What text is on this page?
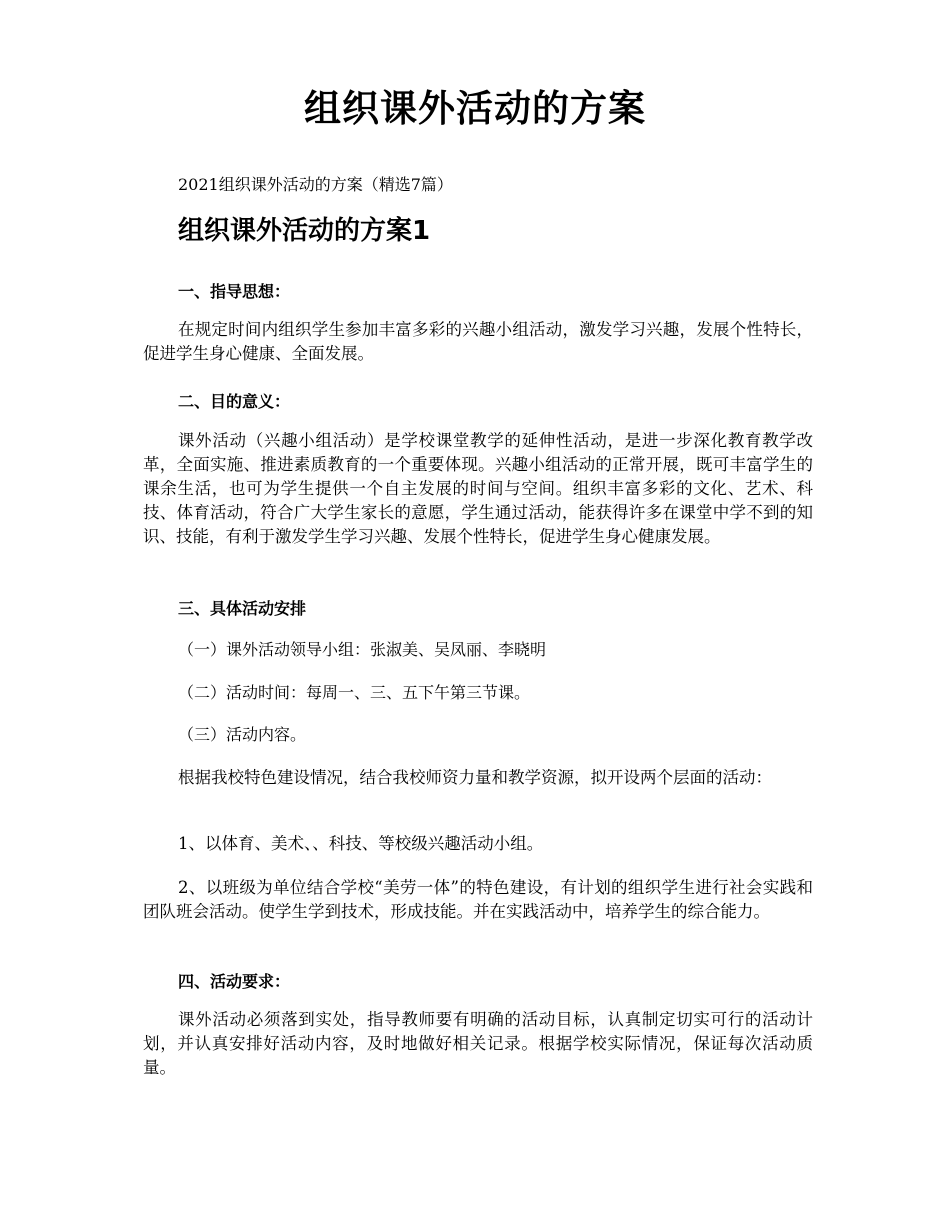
组织课外活动的方案

2021组织课外活动的方案（精选7篇）

组织课外活动的方案1
一、指导思想：

在规定时间内组织学生参加丰富多彩的兴趣小组活动，激发学习兴趣，发展个性特长，促进学生身心健康、全面发展。

二、目的意义：

课外活动（兴趣小组活动）是学校课堂教学的延伸性活动，是进一步深化教育教学改革，全面实施、推进素质教育的一个重要体现。兴趣小组活动的正常开展，既可丰富学生的课余生活，也可为学生提供一个自主发展的时间与空间。组织丰富多彩的文化、艺术、科技、体育活动，符合广大学生家长的意愿，学生通过活动，能获得许多在课堂中学不到的知识、技能，有利于激发学生学习兴趣、发展个性特长，促进学生身心健康发展。

三、具体活动安排

（一）课外活动领导小组：张淑美、吴凤丽、李晓明

（二）活动时间：每周一、三、五下午第三节课。

（三）活动内容。

根据我校特色建设情况，结合我校师资力量和教学资源，拟开设两个层面的活动：

1、以体育、美术、、科技、等校级兴趣活动小组。

2、以班级为单位结合学校“美劳一体”的特色建设，有计划的组织学生进行社会实践和团队班会活动。使学生学到技术，形成技能。并在实践活动中，培养学生的综合能力。

四、活动要求：

课外活动必须落到实处，指导教师要有明确的活动目标，认真制定切实可行的活动计划，并认真安排好活动内容，及时地做好相关记录。根据学校实际情况，保证每次活动质量。
